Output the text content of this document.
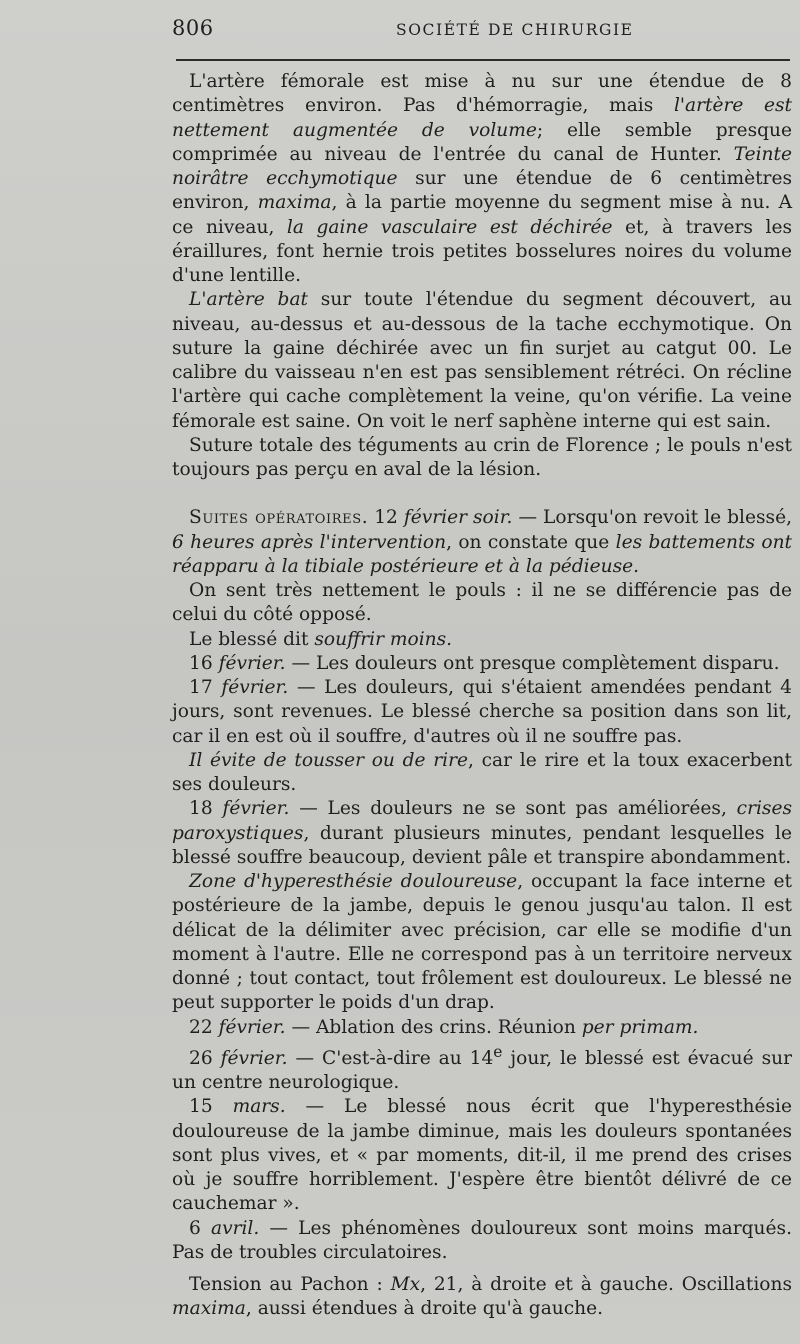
806	SOCIÉTÉ DE CHIRURGIE

L'artère fémorale est mise à nu sur une étendue de 8 centimètres environ. Pas d'hémorragie, mais l'artère est nettement augmentée de volume; elle semble presque comprimée au niveau de l'entrée du canal de Hunter. Teinte noirâtre ecchymotique sur une étendue de 6 centimètres environ, maxima, à la partie moyenne du segment mise à nu. A ce niveau, la gaine vasculaire est déchirée et, à travers les éraillures, font hernie trois petites bosselures noires du volume d'une lentille.

L'artère bat sur toute l'étendue du segment découvert, au niveau, au-dessus et au-dessous de la tache ecchymotique. On suture la gaine déchirée avec un fin surjet au catgut 00. Le calibre du vaisseau n'en est pas sensiblement rétréci. On récline l'artère qui cache complètement la veine, qu'on vérifie. La veine fémorale est saine. On voit le nerf saphène interne qui est sain.

Suture totale des téguments au crin de Florence ; le pouls n'est toujours pas perçu en aval de la lésion.

Suites opératoires. 12 février soir. — Lorsqu'on revoit le blessé, 6 heures après l'intervention, on constate que les battements ont réapparu à la tibiale postérieure et à la pédieuse.

On sent très nettement le pouls : il ne se différencie pas de celui du côté opposé.

Le blessé dit souffrir moins.

16 février. — Les douleurs ont presque complètement disparu.

17 février. — Les douleurs, qui s'étaient amendées pendant 4 jours, sont revenues. Le blessé cherche sa position dans son lit, car il en est où il souffre, d'autres où il ne souffre pas.

Il évite de tousser ou de rire, car le rire et la toux exacerbent ses douleurs.

18 février. — Les douleurs ne se sont pas améliorées, crises paroxystiques, durant plusieurs minutes, pendant lesquelles le blessé souffre beaucoup, devient pâle et transpire abondamment.

Zone d'hyperesthésie douloureuse, occupant la face interne et postérieure de la jambe, depuis le genou jusqu'au talon. Il est délicat de la délimiter avec précision, car elle se modifie d'un moment à l'autre. Elle ne correspond pas à un territoire nerveux donné ; tout contact, tout frôlement est douloureux. Le blessé ne peut supporter le poids d'un drap.

22 février. — Ablation des crins. Réunion per primam.

26 février. — C'est-à-dire au 14e jour, le blessé est évacué sur un centre neurologique.

15 mars. — Le blessé nous écrit que l'hyperesthésie douloureuse de la jambe diminue, mais les douleurs spontanées sont plus vives, et « par moments, dit-il, il me prend des crises où je souffre horriblement. J'espère être bientôt délivré de ce cauchemar ».

6 avril. — Les phénomènes douloureux sont moins marqués. Pas de troubles circulatoires.

Tension au Pachon : Mx, 21, à droite et à gauche. Oscillations maxima, aussi étendues à droite qu'à gauche.
